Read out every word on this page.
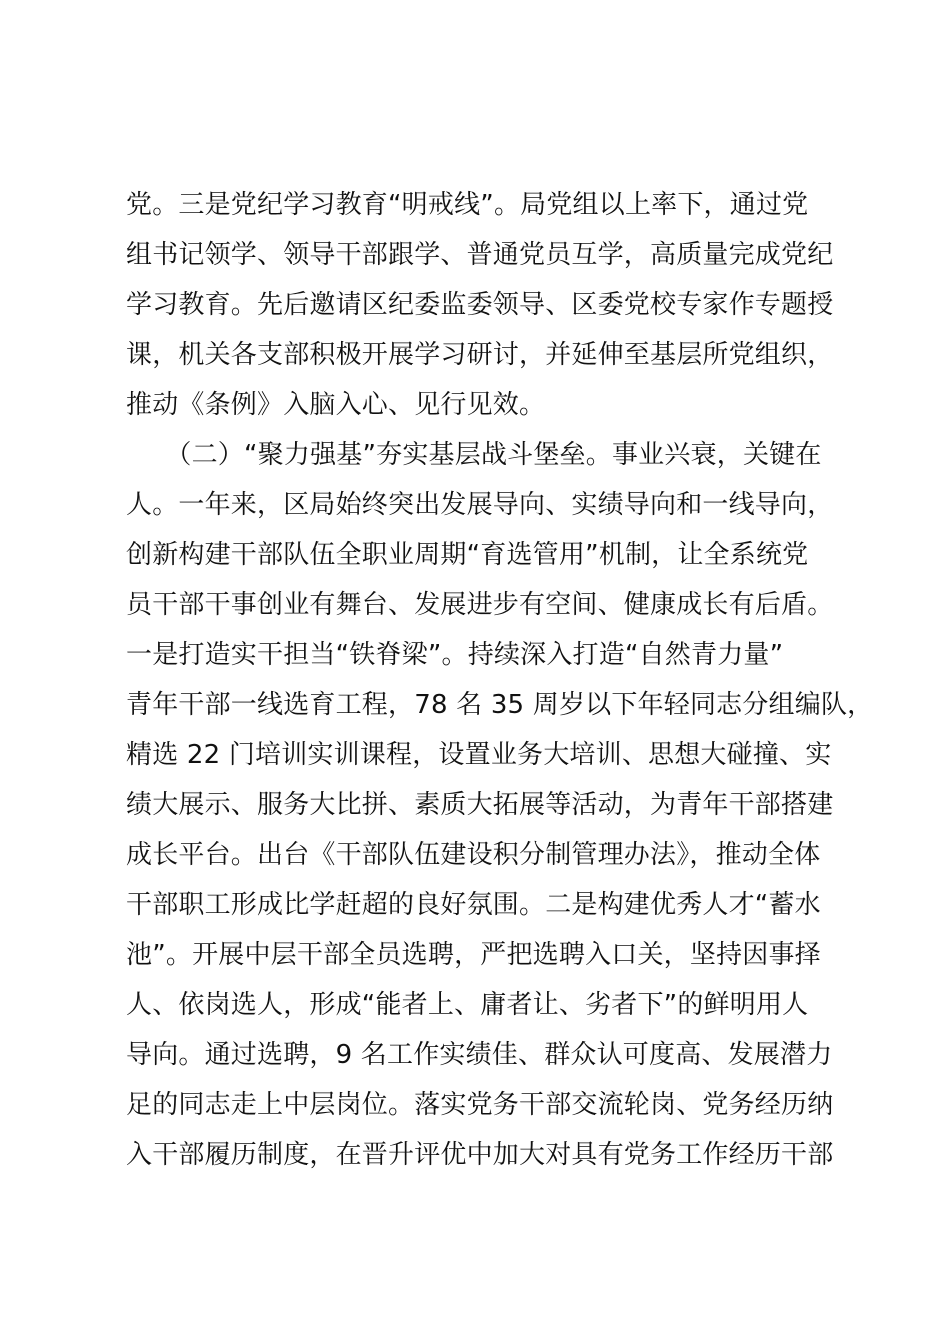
党。三是党纪学习教育“明戒线”。局党组以上率下，通过党
组书记领学、领导干部跟学、普通党员互学，高质量完成党纪
学习教育。先后邀请区纪委监委领导、区委党校专家作专题授
课，机关各支部积极开展学习研讨，并延伸至基层所党组织，
推动《条例》入脑入心、见行见效。
　　（二）“聚力强基”夯实基层战斗堡垒。事业兴衰，关键在
人。一年来，区局始终突出发展导向、实绩导向和一线导向，
创新构建干部队伍全职业周期“育选管用”机制，让全系统党
员干部干事创业有舞台、发展进步有空间、健康成长有后盾。
一是打造实干担当“铁脊梁”。持续深入打造“自然青力量”
青年干部一线选育工程，78 名 35 周岁以下年轻同志分组编队，
精选 22 门培训实训课程，设置业务大培训、思想大碰撞、实
绩大展示、服务大比拼、素质大拓展等活动，为青年干部搭建
成长平台。出台《干部队伍建设积分制管理办法》，推动全体
干部职工形成比学赶超的良好氛围。二是构建优秀人才“蓄水
池”。开展中层干部全员选聘，严把选聘入口关，坚持因事择
人、依岗选人，形成“能者上、庸者让、劣者下”的鲜明用人
导向。通过选聘，9 名工作实绩佳、群众认可度高、发展潜力
足的同志走上中层岗位。落实党务干部交流轮岗、党务经历纳
入干部履历制度，在晋升评优中加大对具有党务工作经历干部
